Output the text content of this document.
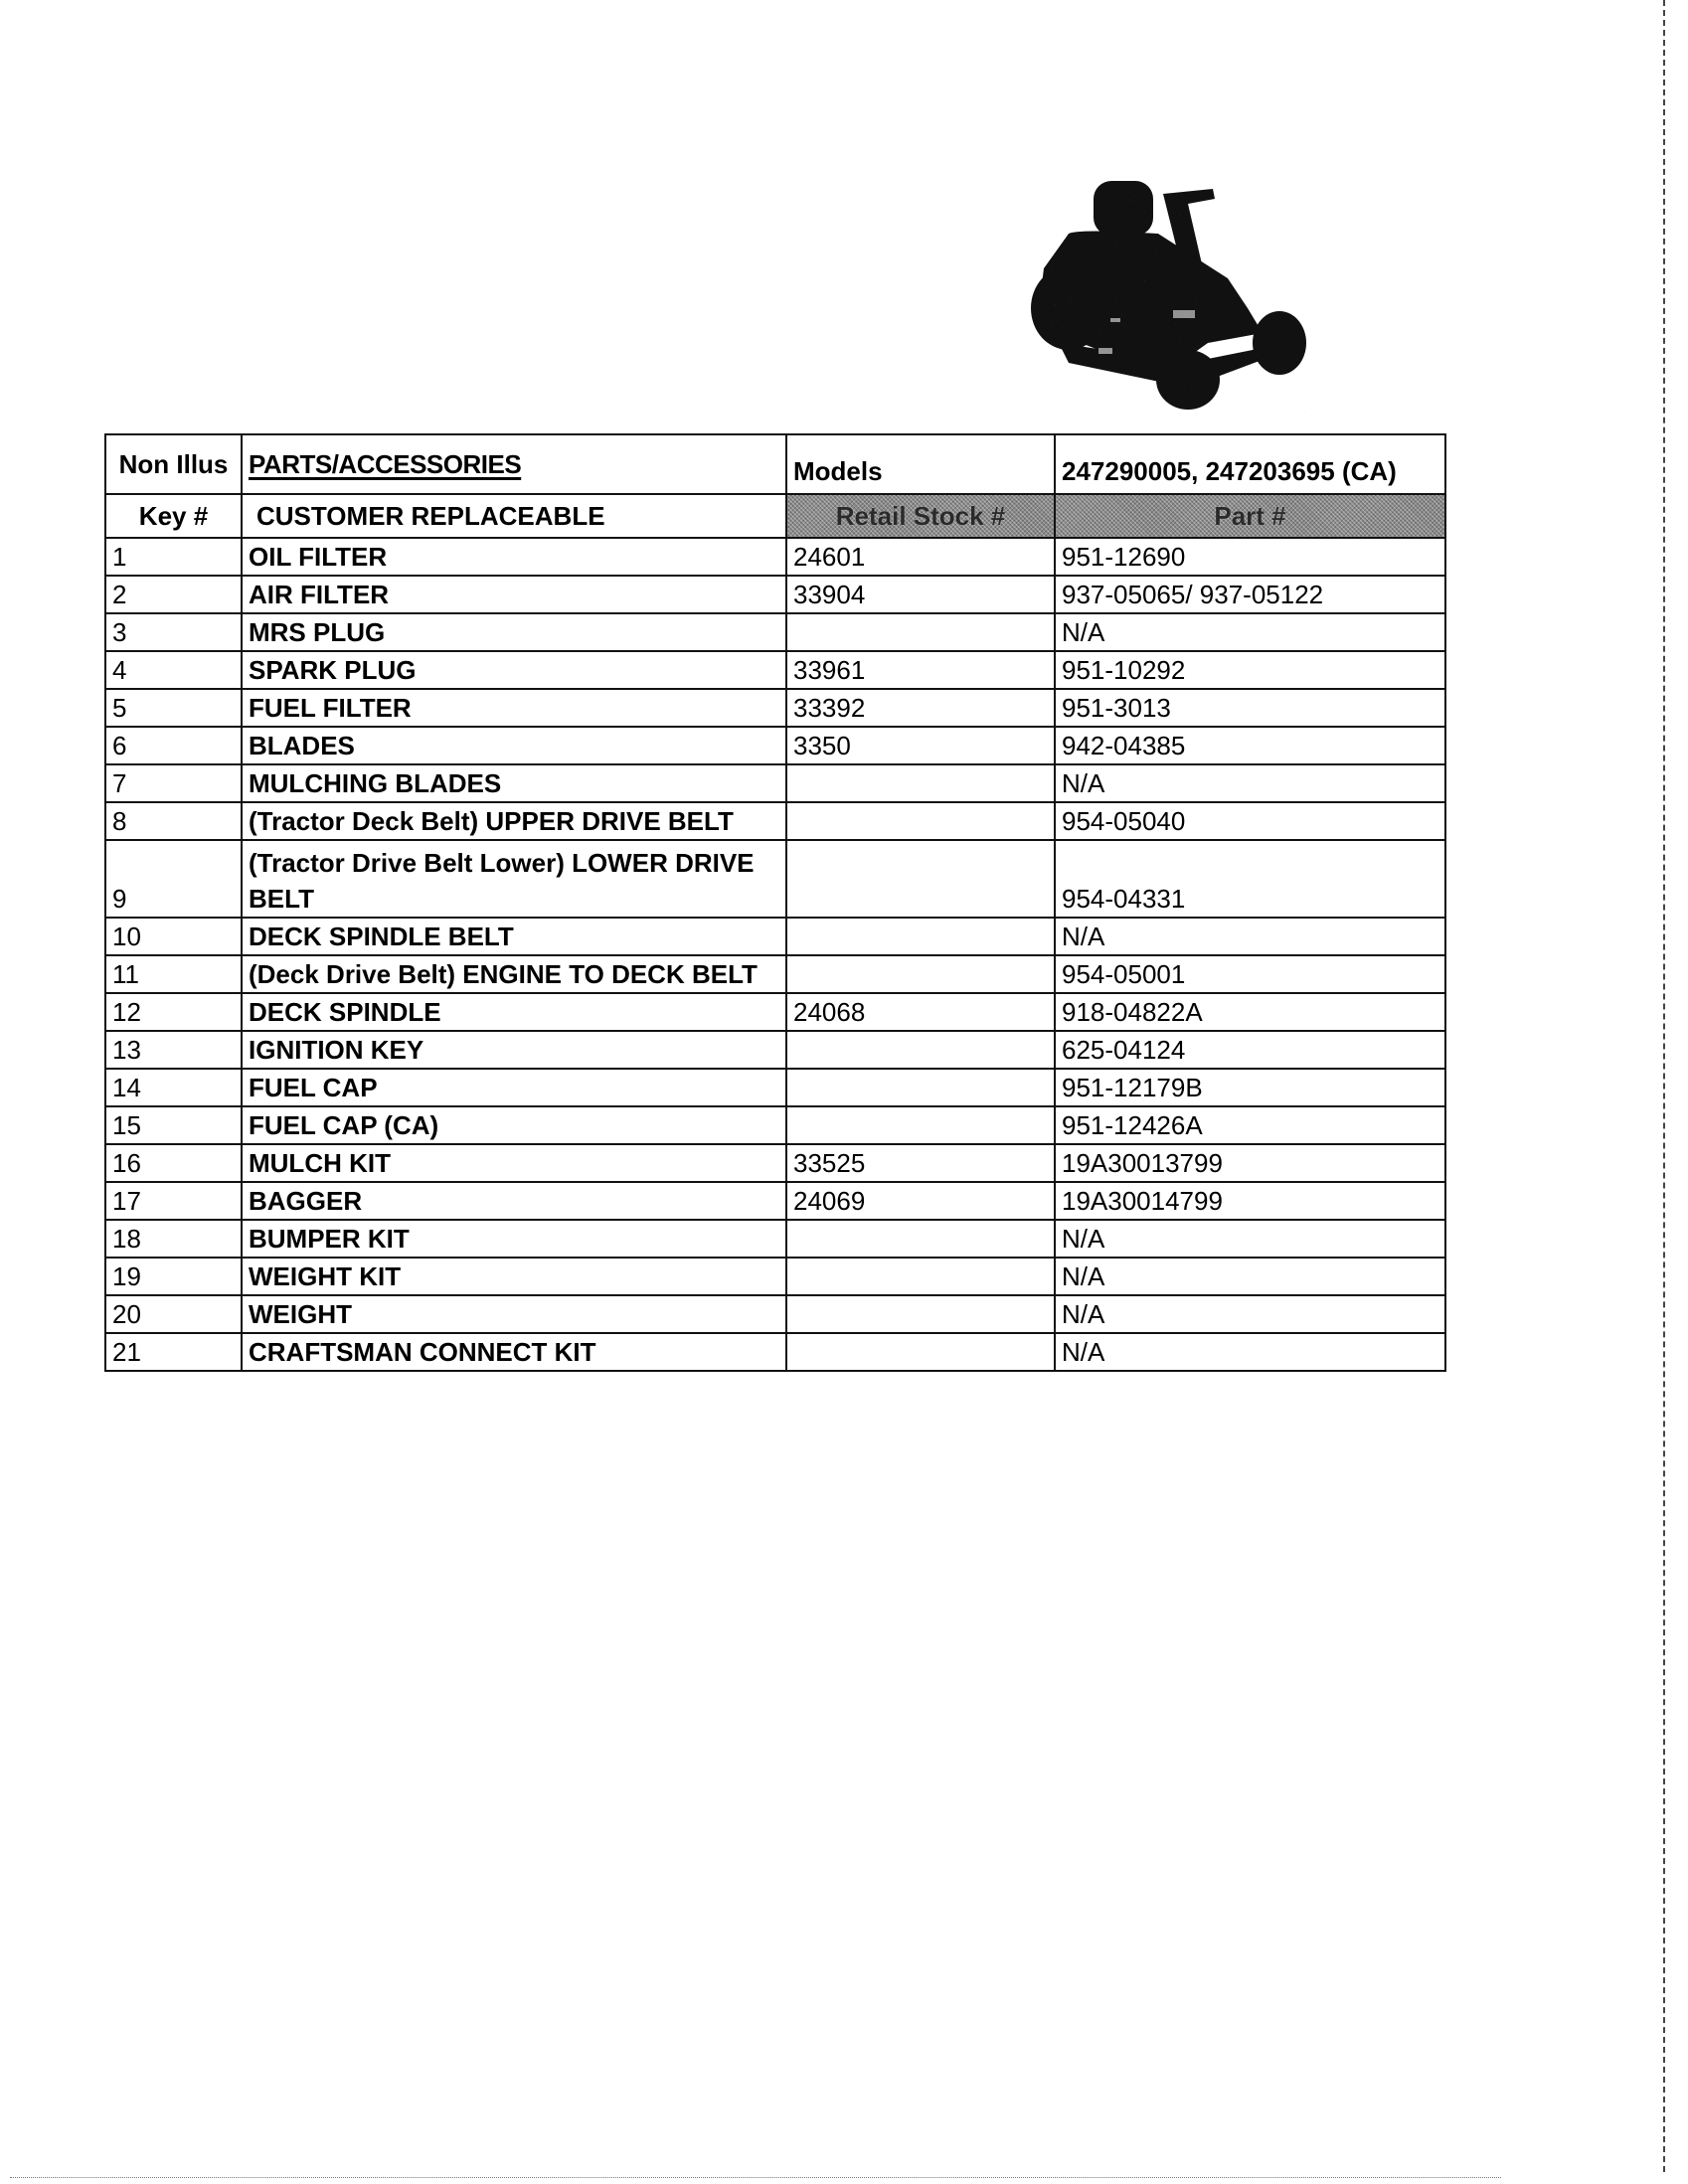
Non Illus	PARTS/ACCESSORIES	Models	247290005, 247203695 (CA)
Key #	CUSTOMER REPLACEABLE	Retail Stock #	Part #
1	OIL FILTER	24601	951-12690
2	AIR FILTER	33904	937-05065/ 937-05122
3	MRS PLUG		N/A
4	SPARK PLUG	33961	951-10292
5	FUEL FILTER	33392	951-3013
6	BLADES	3350	942-04385
7	MULCHING BLADES		N/A
8	(Tractor Deck Belt) UPPER DRIVE BELT		954-05040
9	(Tractor Drive Belt Lower) LOWER DRIVE
BELT		954-04331
10	DECK SPINDLE BELT		N/A
11	(Deck Drive Belt) ENGINE TO DECK BELT		954-05001
12	DECK SPINDLE	24068	918-04822A
13	IGNITION KEY		625-04124
14	FUEL CAP		951-12179B
15	FUEL CAP (CA)		951-12426A
16	MULCH KIT	33525	19A30013799
17	BAGGER	24069	19A30014799
18	BUMPER KIT		N/A
19	WEIGHT KIT		N/A
20	WEIGHT		N/A
21	CRAFTSMAN CONNECT KIT		N/A
